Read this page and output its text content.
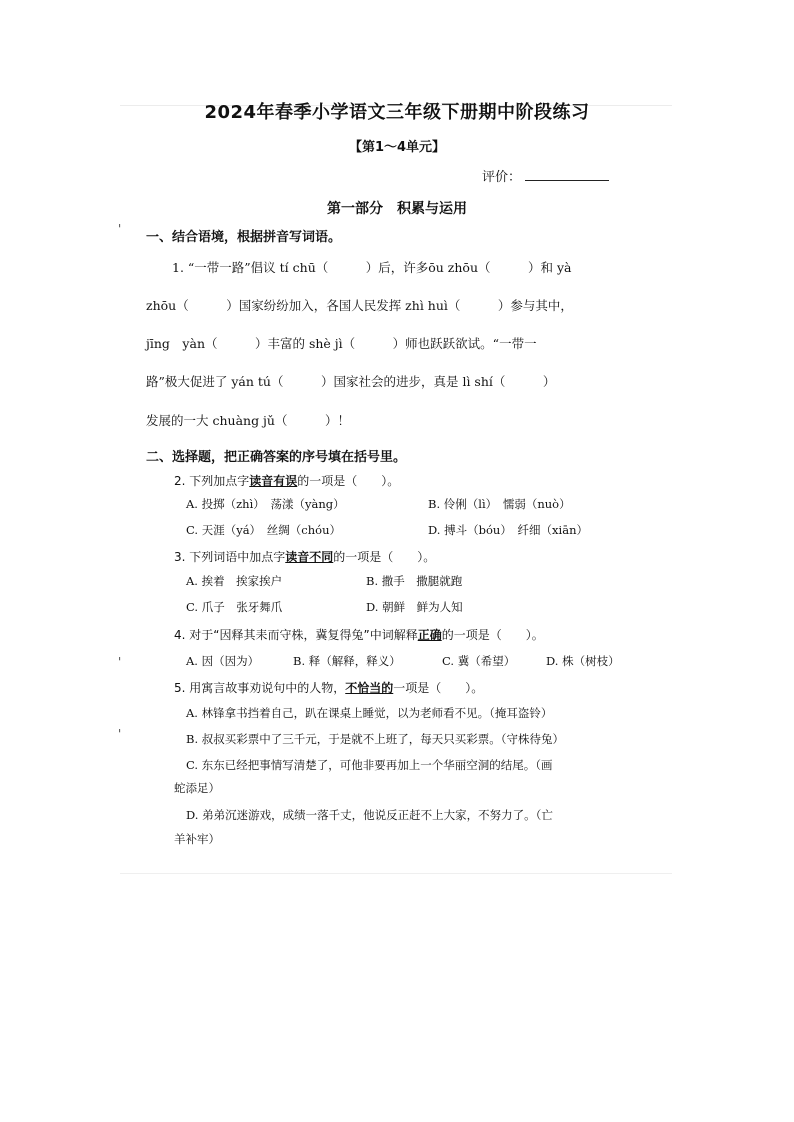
2024年春季小学语文三年级下册期中阶段练习
【第1～4单元】
评价：
第一部分　积累与运用
'
'
'
一、结合语境，根据拼音写词语。
1. “一带一路”倡议 tí chū（　　　）后，许多ōu zhōu（　　　）和 yà
zhōu（　　　）国家纷纷加入，各国人民发挥 zhì huì（　　　）参与其中，
jīng　yàn（　　　）丰富的 shè jì（　　　）师也跃跃欲试。“一带一
路”极大促进了 yán tú（　　　）国家社会的进步，真是 lì shí（　　　）
发展的一大 chuàng jǔ（　　　）！
二、选择题，把正确答案的序号填在括号里。
2. 下列加点字读音有误的一项是（　　）。
A. 投掷（zhì）　荡漾（yàng）	B. 伶俐（lì）　懦弱（nuò）
C. 天涯（yá）　丝绸（chóu）	D. 搏斗（bóu）　纤细（xiān）
3. 下列词语中加点字读音不同的一项是（　　）。
A. 挨着　挨家挨户	B. 撒手　撒腿就跑
C. 爪子　张牙舞爪	D. 朝鲜　鲜为人知
4. 对于“因释其耒而守株，冀复得兔”中词解释正确的一项是（　　）。
A. 因（因为）	B. 释（解释，释义）	C. 冀（希望）	D. 株（树枝）
5. 用寓言故事劝说句中的人物，不恰当的一项是（　　）。
A. 林锋拿书挡着自己，趴在课桌上睡觉，以为老师看不见。（掩耳盗铃）
B. 叔叔买彩票中了三千元，于是就不上班了，每天只买彩票。（守株待兔）
C. 东东已经把事情写清楚了，可他非要再加上一个华丽空洞的结尾。（画
蛇添足）
D. 弟弟沉迷游戏，成绩一落千丈，他说反正赶不上大家，不努力了。（亡
羊补牢）
